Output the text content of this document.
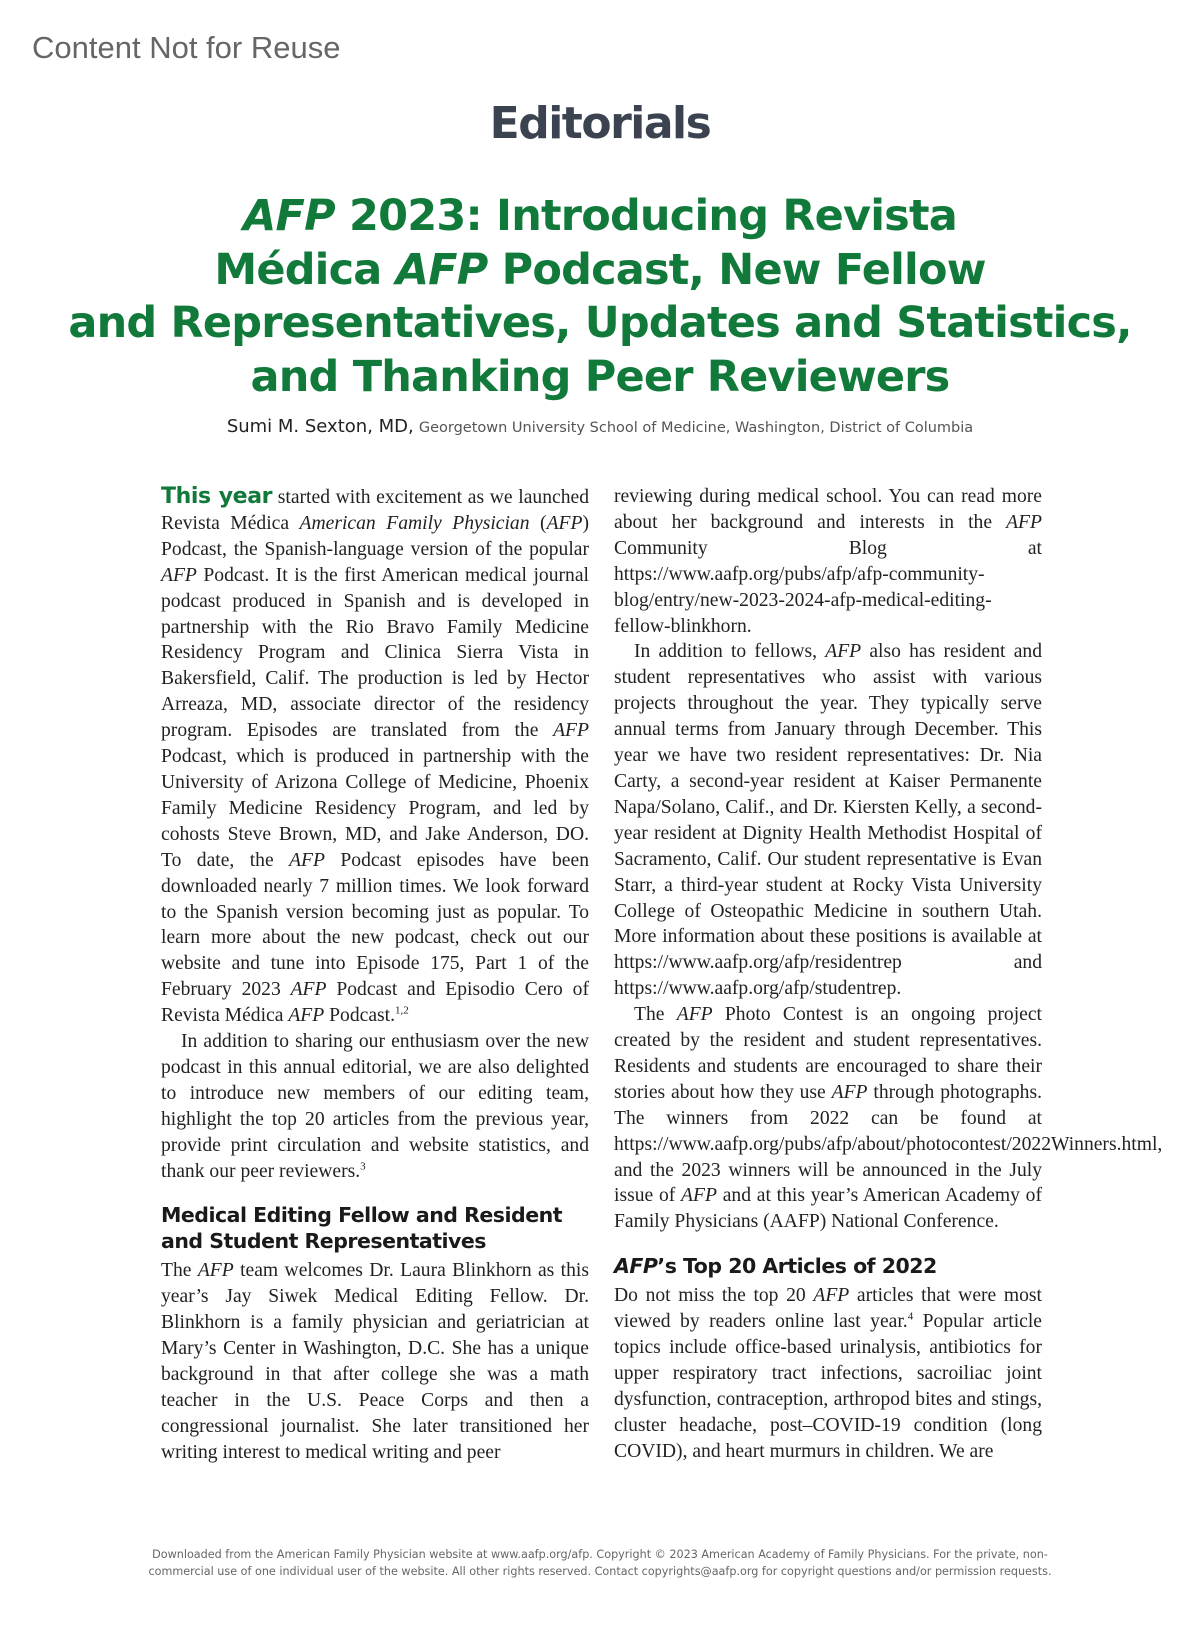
Content Not for Reuse
Editorials
AFP 2023: Introducing Revista
Médica AFP Podcast, New Fellow
and Representatives, Updates and Statistics,
and Thanking Peer Reviewers
Sumi M. Sexton, MD, Georgetown University School of Medicine, Washington, District of Columbia

This year started with excitement as we launched Revista Médica American Family Physician (AFP) Podcast, the Spanish-language version of the popular AFP Podcast. It is the first American medical journal podcast produced in Spanish and is developed in partnership with the Rio Bravo Family Medicine Residency Program and Clinica Sierra Vista in Bakersfield, Calif. The production is led by Hector Arreaza, MD, associate director of the residency program. Episodes are translated from the AFP Podcast, which is produced in partnership with the University of Arizona College of Medicine, Phoenix Family Medicine Residency Program, and led by cohosts Steve Brown, MD, and Jake Anderson, DO. To date, the AFP Podcast episodes have been downloaded nearly 7 million times. We look forward to the Spanish version becoming just as popular. To learn more about the new podcast, check out our website and tune into Episode 175, Part 1 of the February 2023 AFP Podcast and Episodio Cero of Revista Médica AFP Podcast.$^{1,2}$

In addition to sharing our enthusiasm over the new podcast in this annual editorial, we are also delighted to introduce new members of our editing team, highlight the top 20 articles from the previous year, provide print circulation and website statistics, and thank our peer reviewers.$^3$

Medical Editing Fellow and Resident and Student Representatives

The AFP team welcomes Dr. Laura Blinkhorn as this year’s Jay Siwek Medical Editing Fellow. Dr. Blinkhorn is a family physician and geriatrician at Mary’s Center in Washington, D.C. She has a unique background in that after college she was a math teacher in the U.S. Peace Corps and then a congressional journalist. She later transitioned her writing interest to medical writing and peer

reviewing during medical school. You can read more about her background and interests in the AFP Community Blog at https://www.aafp.org/pubs/afp/afp-community-blog/entry/new-2023-2024-afp-medical-editing-fellow-blinkhorn.

In addition to fellows, AFP also has resident and student representatives who assist with various projects throughout the year. They typically serve annual terms from January through December. This year we have two resident representatives: Dr. Nia Carty, a second-year resident at Kaiser Permanente Napa/Solano, Calif., and Dr. Kiersten Kelly, a second-year resident at Dignity Health Methodist Hospital of Sacramento, Calif. Our student representative is Evan Starr, a third-year student at Rocky Vista University College of Osteopathic Medicine in southern Utah. More information about these positions is available at https://www.aafp.org/afp/residentrep and https://www.aafp.org/afp/studentrep.

The AFP Photo Contest is an ongoing project created by the resident and student representatives. Residents and students are encouraged to share their stories about how they use AFP through photographs. The winners from 2022 can be found at https://www.aafp.org/pubs/afp/about/photocontest/2022Winners.html, and the 2023 winners will be announced in the July issue of AFP and at this year’s American Academy of Family Physicians (AAFP) National Conference.

AFP’s Top 20 Articles of 2022

Do not miss the top 20 AFP articles that were most viewed by readers online last year.$^4$ Popular article topics include office-based urinalysis, antibiotics for upper respiratory tract infections, sacroiliac joint dysfunction, contraception, arthropod bites and stings, cluster headache, post–COVID-19 condition (long COVID), and heart murmurs in children. We are

Downloaded from the American Family Physician website at www.aafp.org/afp. Copyright © 2023 American Academy of Family Physicians. For the private, non-
commercial use of one individual user of the website. All other rights reserved. Contact copyrights@aafp.org for copyright questions and/or permission requests.
